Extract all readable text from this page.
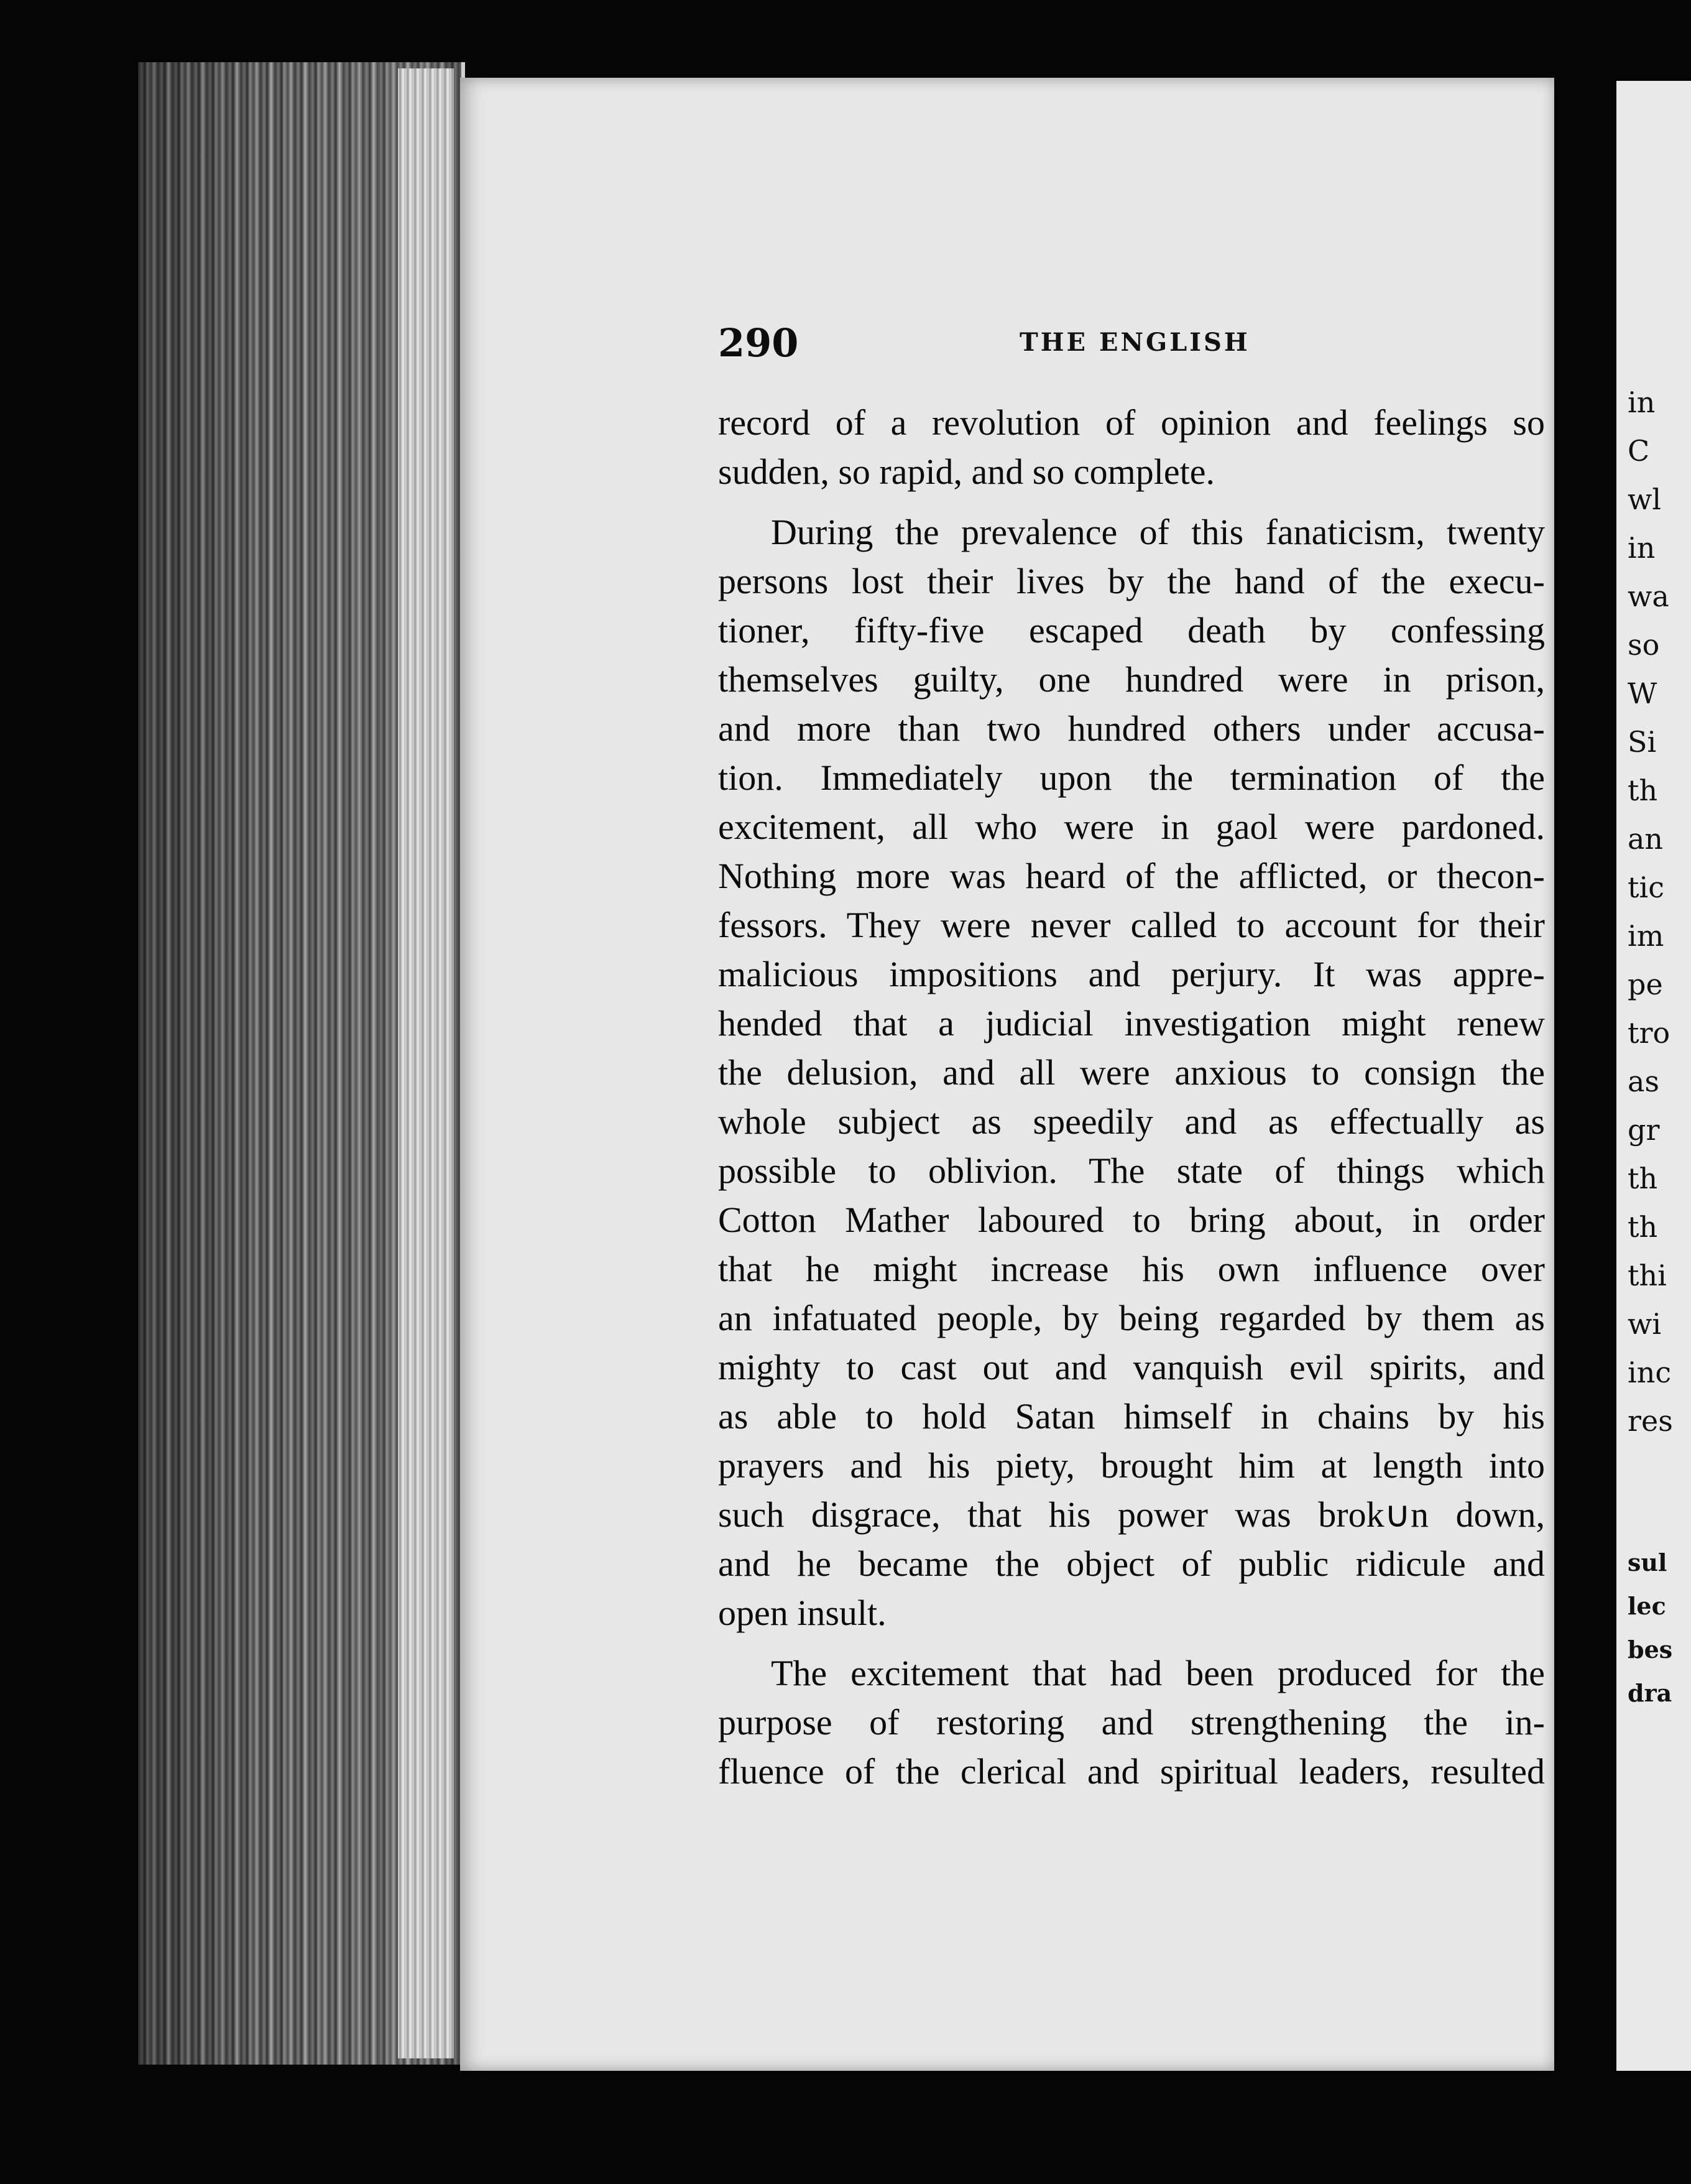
290	THE ENGLISH
record of a revolution of opinion and feelings so
sudden, so rapid, and so complete.
During the prevalence of this fanaticism, twenty
persons lost their lives by the hand of the execu-
tioner, fifty-five escaped death by confessing
themselves guilty, one hundred were in prison,
and more than two hundred others under accusa-
tion. Immediately upon the termination of the
excitement, all who were in gaol were pardoned.
Nothing more was heard of the afflicted, or thecon-
fessors. They were never called to account for their
malicious impositions and perjury. It was appre-
hended that a judicial investigation might renew
the delusion, and all were anxious to consign the
whole subject as speedily and as effectually as
possible to oblivion. The state of things which
Cotton Mather laboured to bring about, in order
that he might increase his own influence over
an infatuated people, by being regarded by them as
mighty to cast out and vanquish evil spirits, and
as able to hold Satan himself in chains by his
prayers and his piety, brought him at length into
such disgrace, that his power was brok∪n down,
and he became the object of public ridicule and
open insult.
The excitement that had been produced for the
purpose of restoring and strengthening the in-
fluence of the clerical and spiritual leaders, resulted
in
C
wl
in
wa
so
W
Si
th
an
tic
im
pe
tro
as
gr
th
th
thi
wi
inc
res
sul
lec
bes
dra
